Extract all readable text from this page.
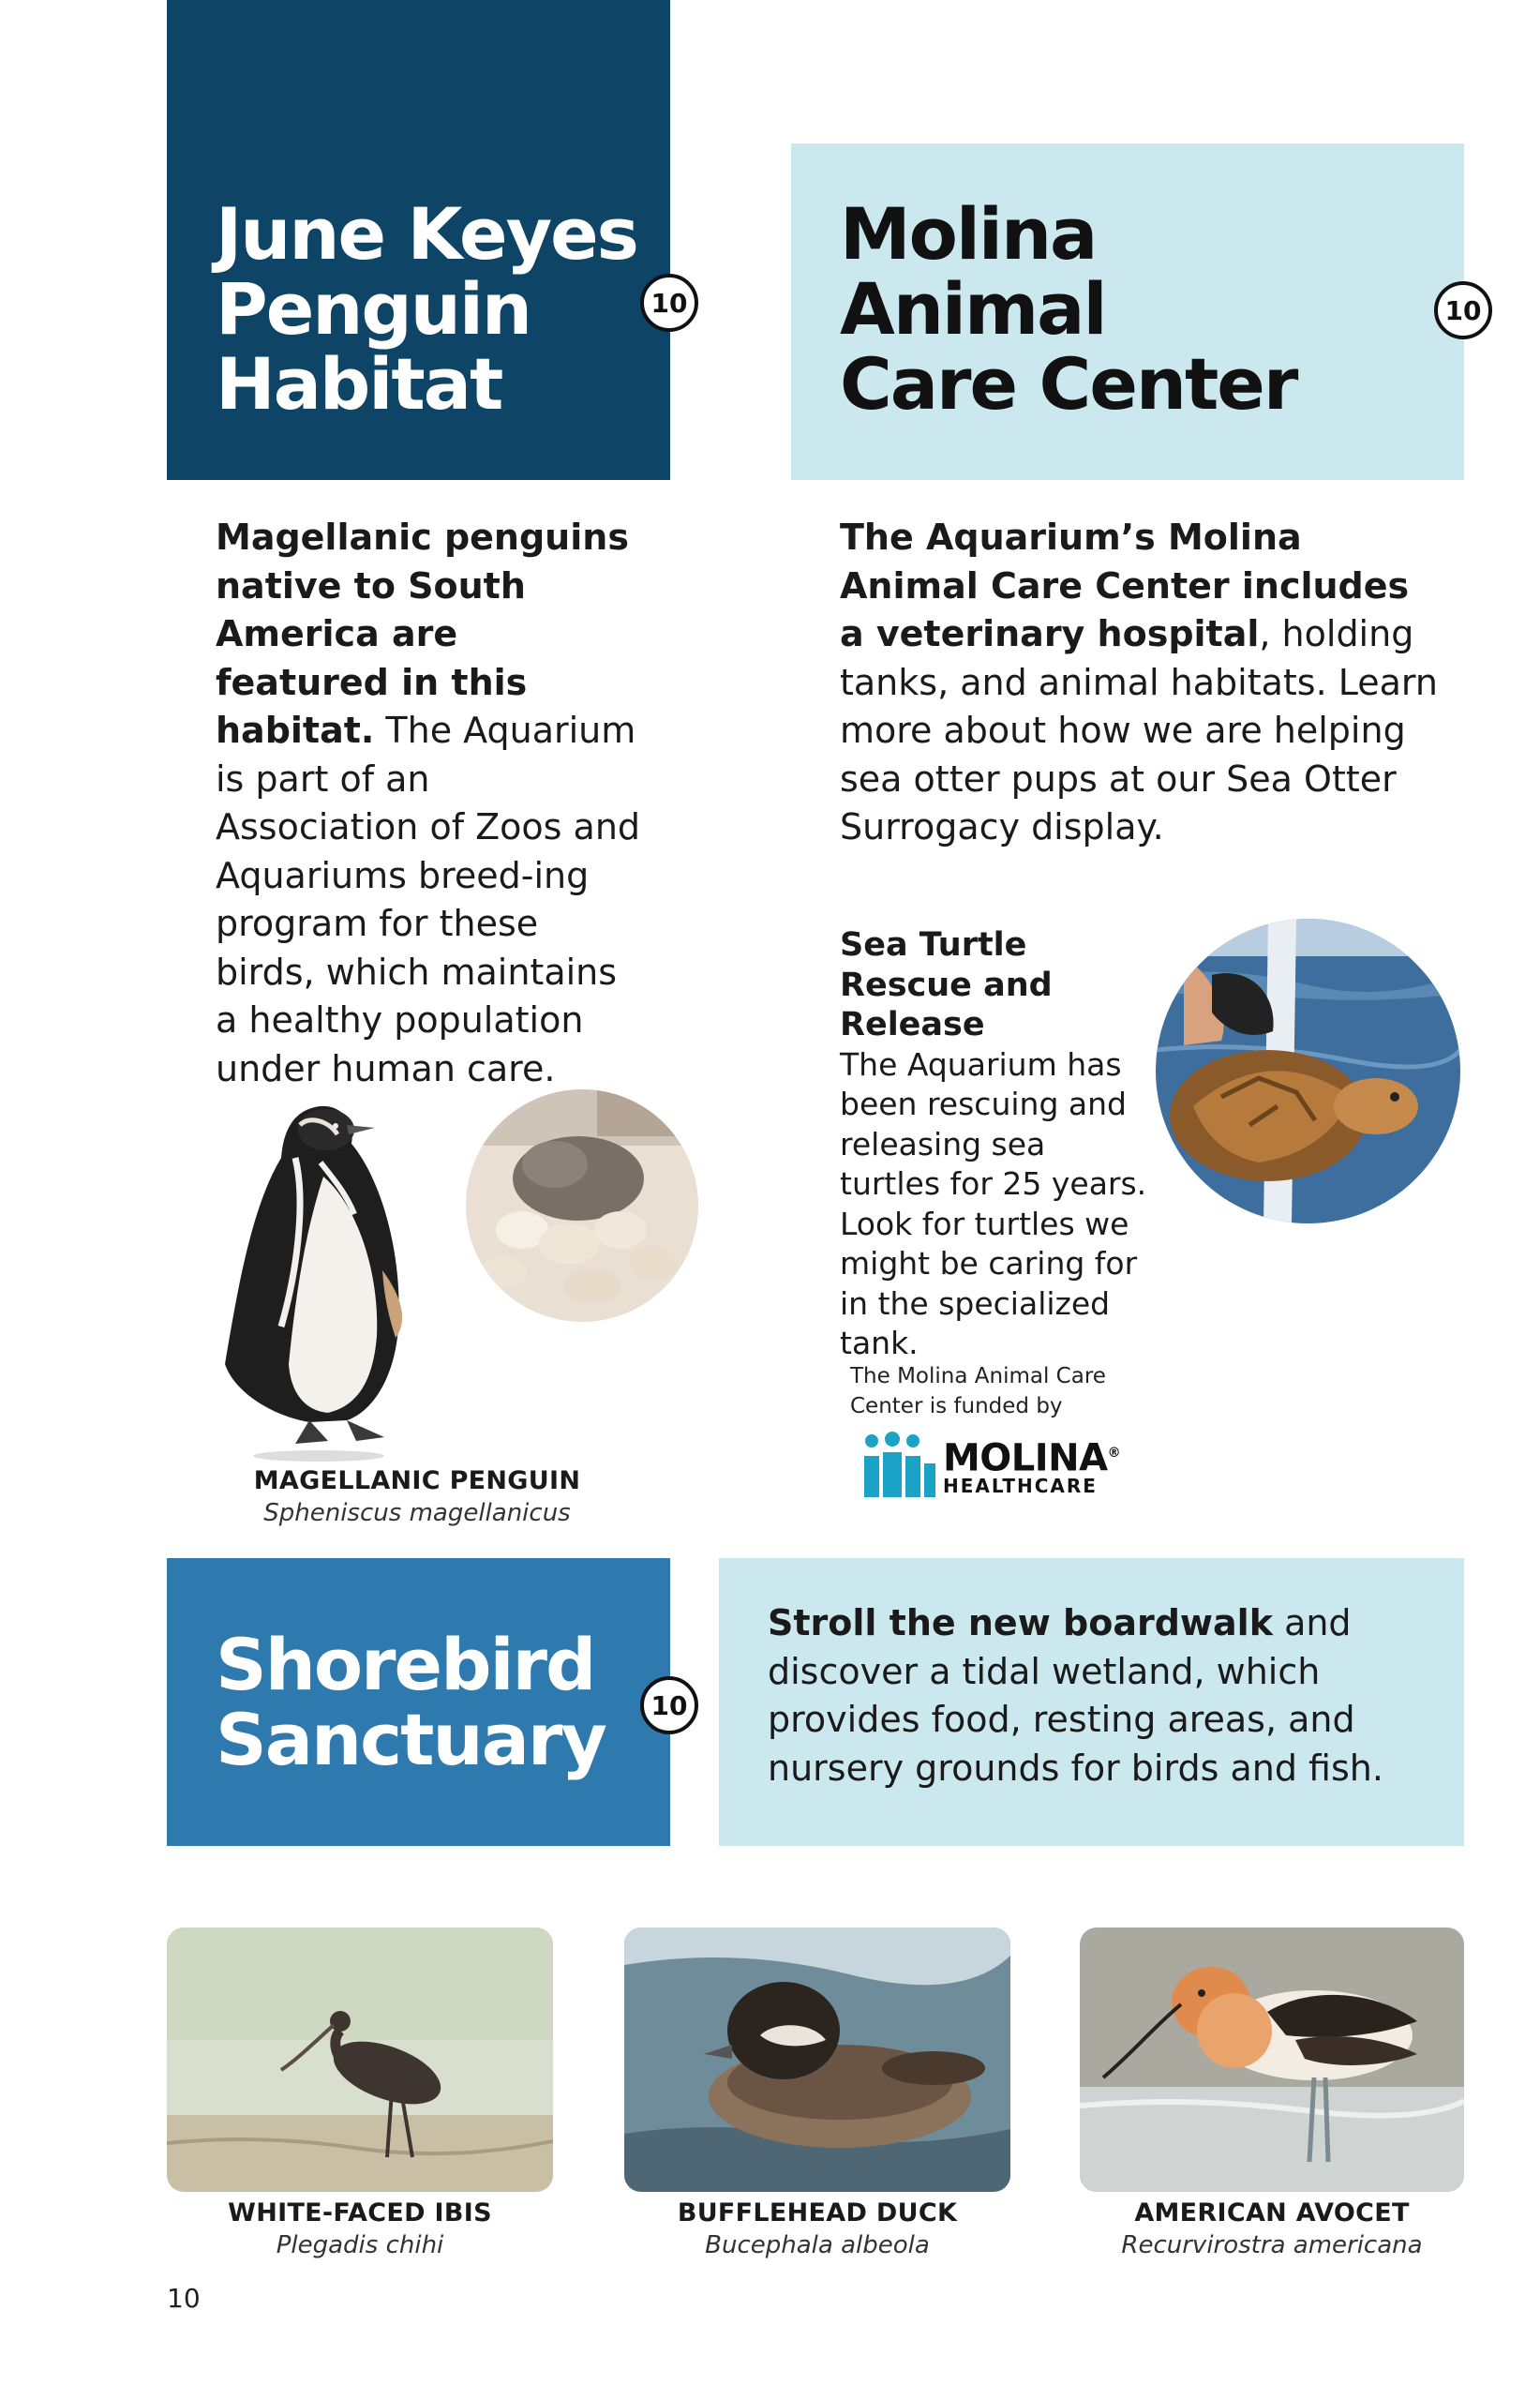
June Keyes
Penguin
Habitat
10
Molina
Animal
Care Center
10

Magellanic penguins native to South America are featured in this habitat. The Aquarium is part of an Association of Zoos and Aquariums breed-ing program for these birds, which maintains a healthy population under human care.

The Aquarium’s Molina Animal Care Center includes a veterinary hospital, holding tanks, and animal habitats. Learn more about how we are helping sea otter pups at our Sea Otter Surrogacy display.

MAGELLANIC PENGUIN
Spheniscus magellanicus
Sea Turtle Rescue and Release
The Aquarium has been rescuing and releasing sea turtles for 25 years. Look for turtles we might be caring for in the specialized tank.
The Molina Animal Care Center is funded by
MOLINA®
HEALTHCARE
Shorebird
Sanctuary 10

Stroll the new boardwalk and discover a tidal wetland, which provides food, resting areas, and nursery grounds for birds and fish.

WHITE-FACED IBIS
Plegadis chihi
BUFFLEHEAD DUCK
Bucephala albeola
AMERICAN AVOCET
Recurvirostra americana
10
